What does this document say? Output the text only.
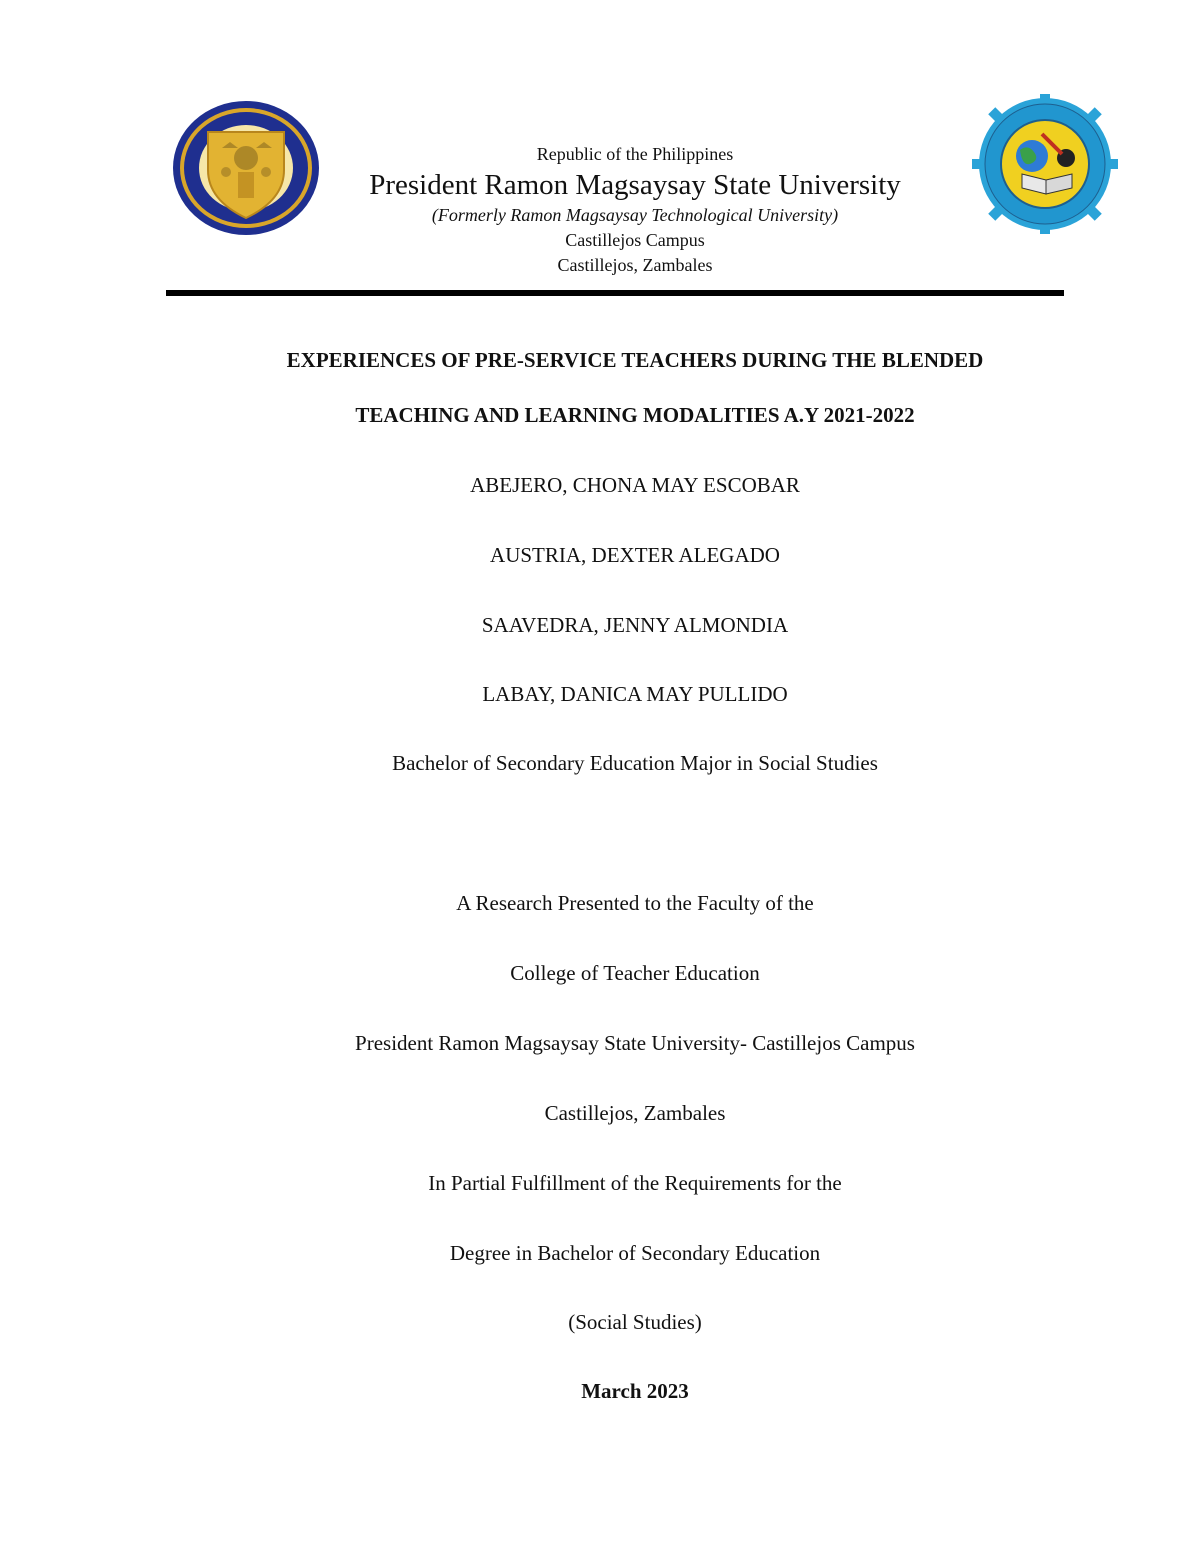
Republic of the Philippines
President Ramon Magsaysay State University
(Formerly Ramon Magsaysay Technological University)
Castillejos Campus
Castillejos, Zambales
EXPERIENCES OF PRE-SERVICE TEACHERS DURING THE BLENDED
TEACHING AND LEARNING MODALITIES A.Y 2021-2022
ABEJERO, CHONA MAY ESCOBAR
AUSTRIA, DEXTER ALEGADO
SAAVEDRA, JENNY ALMONDIA
LABAY, DANICA MAY PULLIDO
Bachelor of Secondary Education Major in Social Studies
A Research Presented to the Faculty of the
College of Teacher Education
President Ramon Magsaysay State University- Castillejos Campus
Castillejos, Zambales
In Partial Fulfillment of the Requirements for the
Degree in Bachelor of Secondary Education
(Social Studies)
March 2023
